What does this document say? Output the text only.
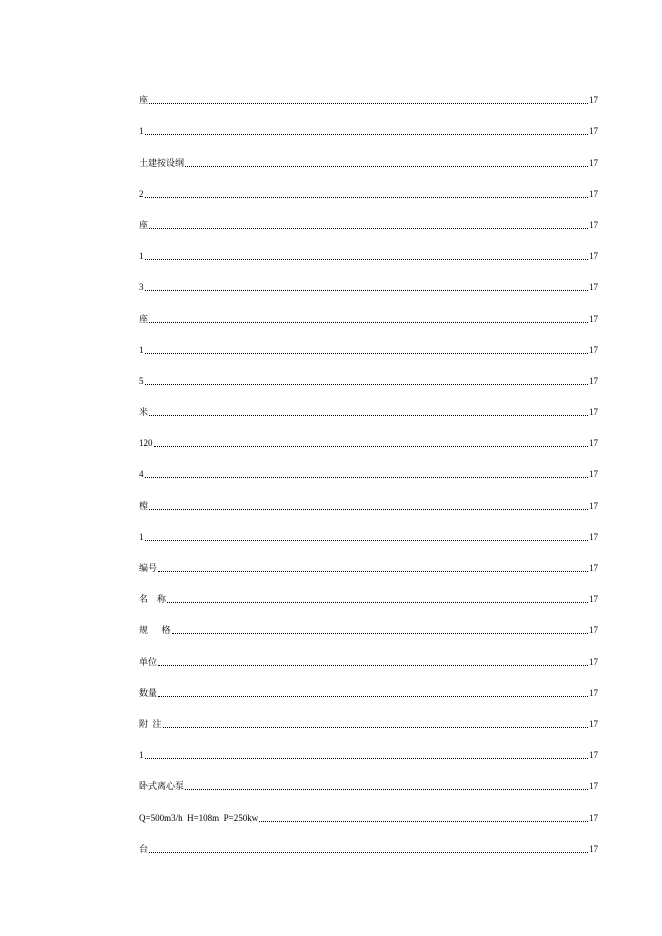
座	17
1	17
土建按设纲	17
2	17
座	17
1	17
3	17
座	17
1	17
5	17
米	17
120	17
4	17
樘	17
1	17
编号	17
名    称	17
规      格	17
单位	17
数量	17
附  注	17
1	17
卧式离心泵	17
Q=500m3/h  H=108m  P=250kw	17
台	17
